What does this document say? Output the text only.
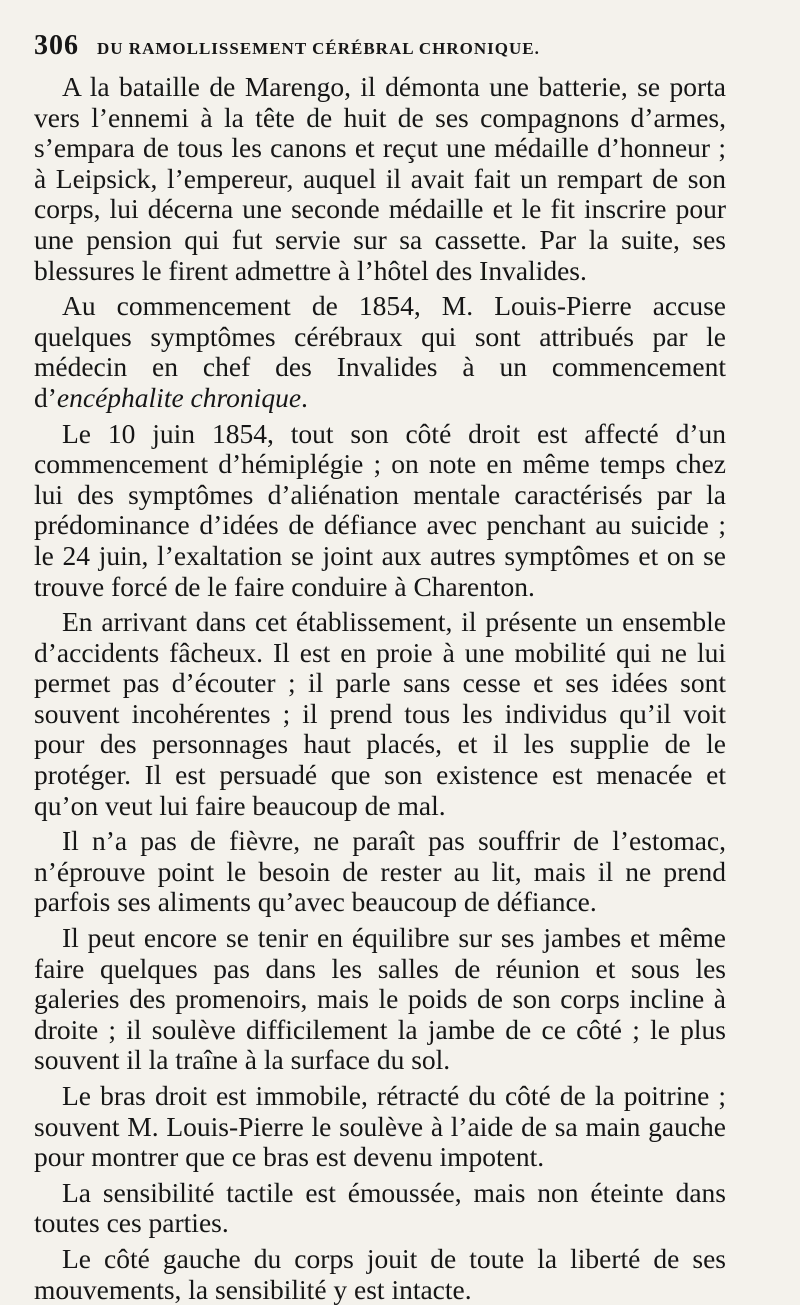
306 DU RAMOLLISSEMENT CÉRÉBRAL CHRONIQUE.

A la bataille de Marengo, il démonta une batterie, se porta vers l’ennemi à la tête de huit de ses compagnons d’armes, s’empara de tous les canons et reçut une médaille d’honneur ; à Leipsick, l’empereur, auquel il avait fait un rempart de son corps, lui décerna une seconde médaille et le fit inscrire pour une pension qui fut servie sur sa cassette. Par la suite, ses blessures le firent admettre à l’hôtel des Invalides.

Au commencement de 1854, M. Louis-Pierre accuse quelques symptômes cérébraux qui sont attribués par le médecin en chef des Invalides à un commencement d’encéphalite chronique.

Le 10 juin 1854, tout son côté droit est affecté d’un commencement d’hémiplégie ; on note en même temps chez lui des symptômes d’aliénation mentale caractérisés par la prédominance d’idées de défiance avec penchant au suicide ; le 24 juin, l’exaltation se joint aux autres symptômes et on se trouve forcé de le faire conduire à Charenton.

En arrivant dans cet établissement, il présente un ensemble d’accidents fâcheux. Il est en proie à une mobilité qui ne lui permet pas d’écouter ; il parle sans cesse et ses idées sont souvent incohérentes ; il prend tous les individus qu’il voit pour des personnages haut placés, et il les supplie de le protéger. Il est persuadé que son existence est menacée et qu’on veut lui faire beaucoup de mal.

Il n’a pas de fièvre, ne paraît pas souffrir de l’estomac, n’éprouve point le besoin de rester au lit, mais il ne prend parfois ses aliments qu’avec beaucoup de défiance.

Il peut encore se tenir en équilibre sur ses jambes et même faire quelques pas dans les salles de réunion et sous les galeries des promenoirs, mais le poids de son corps incline à droite ; il soulève difficilement la jambe de ce côté ; le plus souvent il la traîne à la surface du sol.

Le bras droit est immobile, rétracté du côté de la poitrine ; souvent M. Louis-Pierre le soulève à l’aide de sa main gauche pour montrer que ce bras est devenu impotent.

La sensibilité tactile est émoussée, mais non éteinte dans toutes ces parties.

Le côté gauche du corps jouit de toute la liberté de ses mouvements, la sensibilité y est intacte.
